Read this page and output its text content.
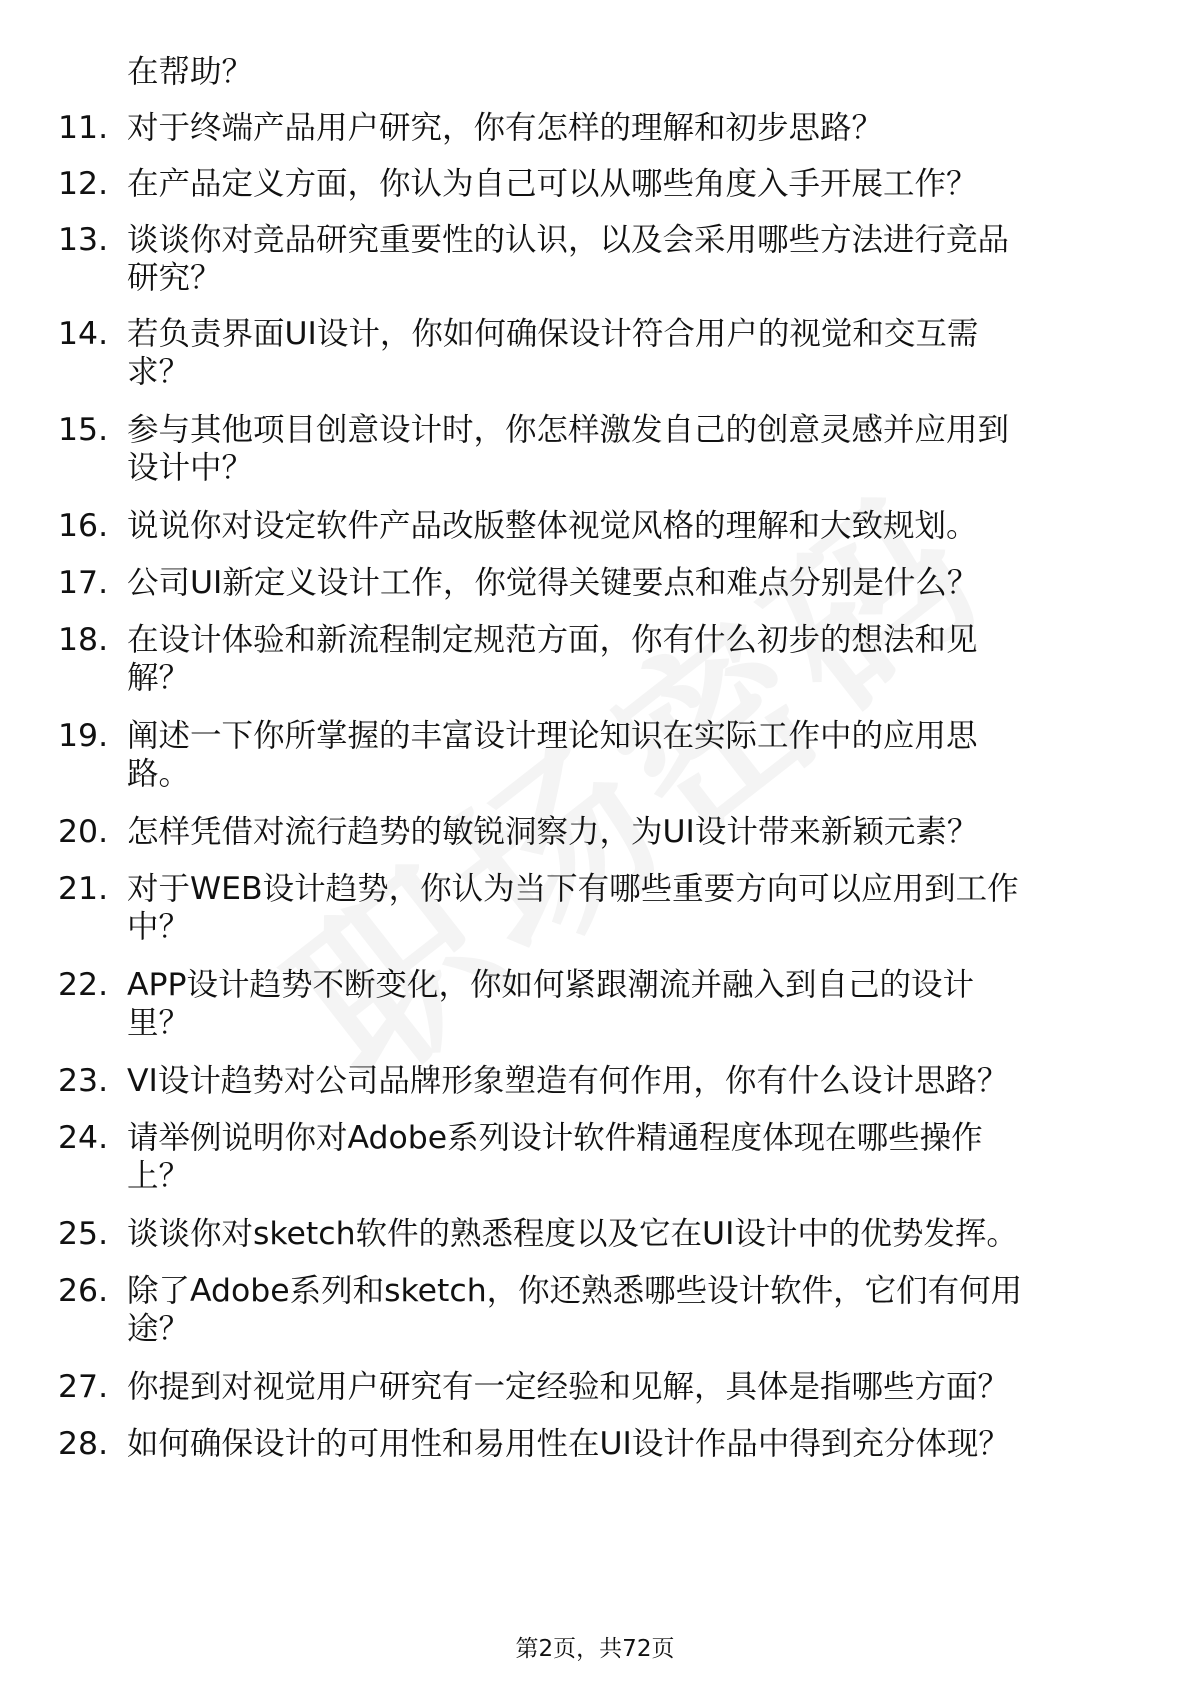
在帮助？
11. 对于终端产品用户研究，你有怎样的理解和初步思路？
12. 在产品定义方面，你认为自己可以从哪些角度入手开展工作？
13. 谈谈你对竞品研究重要性的认识，以及会采用哪些方法进行竞品
研究？
14. 若负责界面UI设计，你如何确保设计符合用户的视觉和交互需
求？
15. 参与其他项目创意设计时，你怎样激发自己的创意灵感并应用到
设计中？
16. 说说你对设定软件产品改版整体视觉风格的理解和大致规划。
17. 公司UI新定义设计工作，你觉得关键要点和难点分别是什么？
18. 在设计体验和新流程制定规范方面，你有什么初步的想法和见
解？
19. 阐述一下你所掌握的丰富设计理论知识在实际工作中的应用思
路。
20. 怎样凭借对流行趋势的敏锐洞察力，为UI设计带来新颖元素？
21. 对于WEB设计趋势，你认为当下有哪些重要方向可以应用到工作
中？
22. APP设计趋势不断变化，你如何紧跟潮流并融入到自己的设计
里？
23. VI设计趋势对公司品牌形象塑造有何作用，你有什么设计思路？
24. 请举例说明你对Adobe系列设计软件精通程度体现在哪些操作
上？
25. 谈谈你对sketch软件的熟悉程度以及它在UI设计中的优势发挥。
26. 除了Adobe系列和sketch，你还熟悉哪些设计软件，它们有何用
途？
27. 你提到对视觉用户研究有一定经验和见解，具体是指哪些方面？
28. 如何确保设计的可用性和易用性在UI设计作品中得到充分体现？
第2页，共72页
